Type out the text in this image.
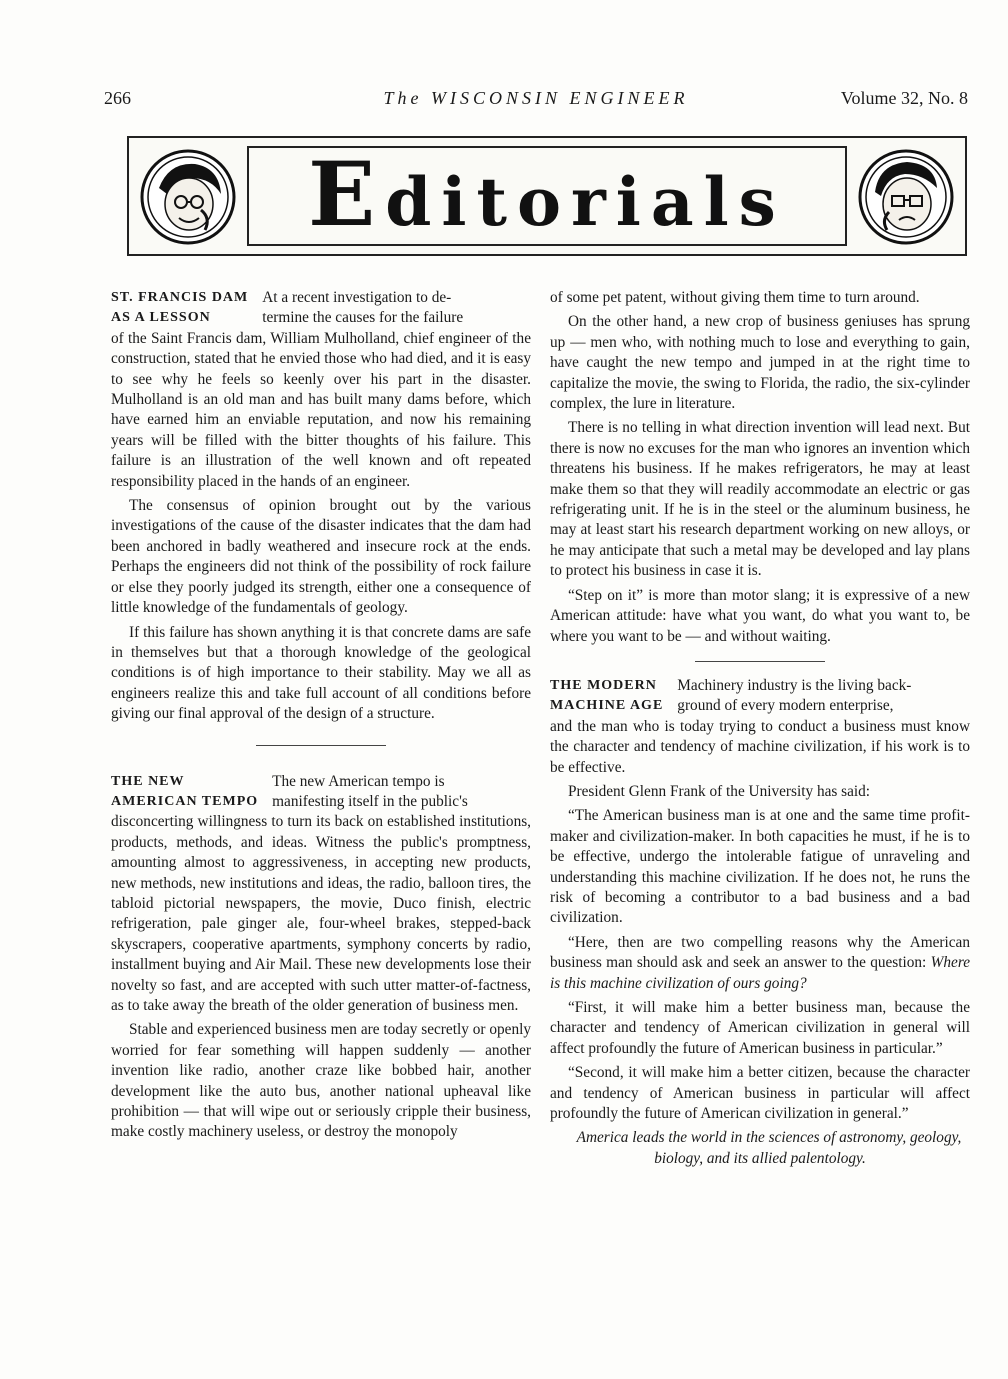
266	The WISCONSIN ENGINEER	Volume 32, No. 8
Editorials
ST. FRANCIS DAM
AS A LESSON
At a recent investigation to de-
termine the causes for the failure

of the Saint Francis dam, William Mulholland, chief engineer of the construction, stated that he envied those who had died, and it is easy to see why he feels so keenly over his part in the disaster. Mulholland is an old man and has built many dams before, which have earned him an enviable reputation, and now his remaining years will be filled with the bitter thoughts of his failure. This failure is an illustration of the well known and oft repeated responsibility placed in the hands of an engineer.

The consensus of opinion brought out by the various investigations of the cause of the disaster indicates that the dam had been anchored in badly weathered and insecure rock at the ends. Perhaps the engineers did not think of the possibility of rock failure or else they poorly judged its strength, either one a consequence of little knowledge of the fundamentals of geology.

If this failure has shown anything it is that concrete dams are safe in themselves but that a thorough knowledge of the geological conditions is of high importance to their stability. May we all as engineers realize this and take full account of all conditions before giving our final approval of the design of a structure.

THE NEW
AMERICAN TEMPO
The new American tempo is
manifesting itself in the public's

disconcerting willingness to turn its back on established institutions, products, methods, and ideas. Witness the public's promptness, amounting almost to aggressiveness, in accepting new products, new methods, new institutions and ideas, the radio, balloon tires, the tabloid pictorial newspapers, the movie, Duco finish, electric refrigeration, pale ginger ale, four-wheel brakes, stepped-back skyscrapers, cooperative apartments, symphony concerts by radio, installment buying and Air Mail. These new developments lose their novelty so fast, and are accepted with such utter matter-of-factness, as to take away the breath of the older generation of business men.

Stable and experienced business men are today secretly or openly worried for fear something will happen suddenly — another invention like radio, another craze like bobbed hair, another development like the auto bus, another national upheaval like prohibition — that will wipe out or seriously cripple their business, make costly machinery useless, or destroy the monopoly

of some pet patent, without giving them time to turn around.

On the other hand, a new crop of business geniuses has sprung up — men who, with nothing much to lose and everything to gain, have caught the new tempo and jumped in at the right time to capitalize the movie, the swing to Florida, the radio, the six-cylinder complex, the lure in literature.

There is no telling in what direction invention will lead next. But there is now no excuses for the man who ignores an invention which threatens his business. If he makes refrigerators, he may at least make them so that they will readily accommodate an electric or gas refrigerating unit. If he is in the steel or the aluminum business, he may at least start his research department working on new alloys, or he may anticipate that such a metal may be developed and lay plans to protect his business in case it is.

“Step on it” is more than motor slang; it is expressive of a new American attitude: have what you want, do what you want to, be where you want to be — and without waiting.

THE MODERN
MACHINE AGE
Machinery industry is the living back-
ground of every modern enterprise,

and the man who is today trying to conduct a business must know the character and tendency of machine civilization, if his work is to be effective.

President Glenn Frank of the University has said:

“The American business man is at one and the same time profit-maker and civilization-maker. In both capacities he must, if he is to be effective, undergo the intolerable fatigue of unraveling and understanding this machine civilization. If he does not, he runs the risk of becoming a contributor to a bad business and a bad civilization.

“Here, then are two compelling reasons why the American business man should ask and seek an answer to the question: Where is this machine civilization of ours going?

“First, it will make him a better business man, because the character and tendency of American civilization in general will affect profoundly the future of American business in particular.”

“Second, it will make him a better citizen, because the character and tendency of American business in particular will affect profoundly the future of American civilization in general.”

America leads the world in the sciences of astronomy, geology, biology, and its allied palentology.
